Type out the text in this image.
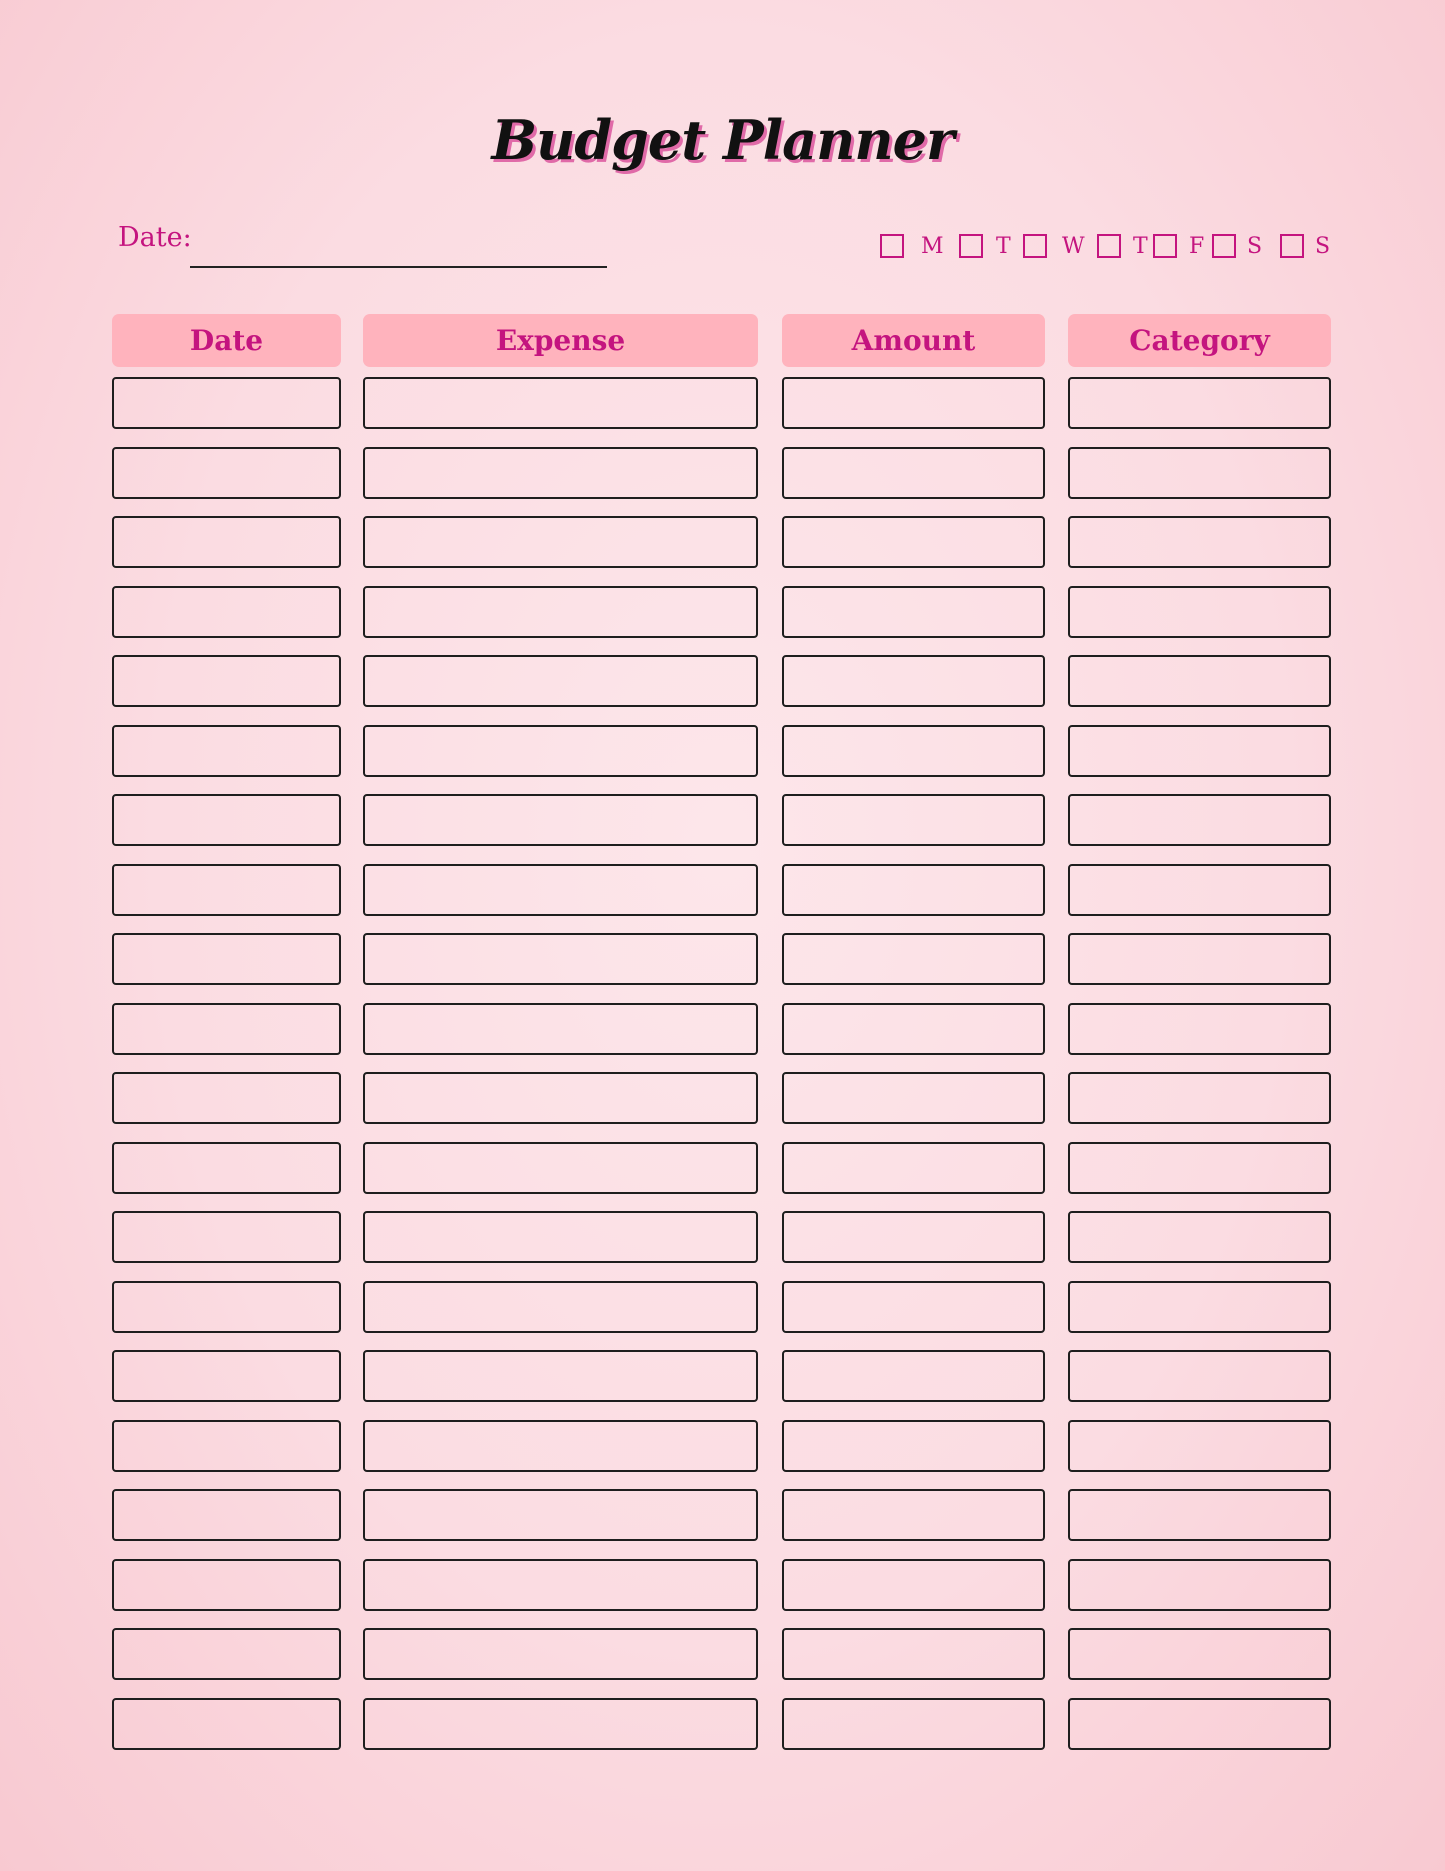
Budget Planner
Date:	M T W T F S S
Date	Expense	Amount	Category
